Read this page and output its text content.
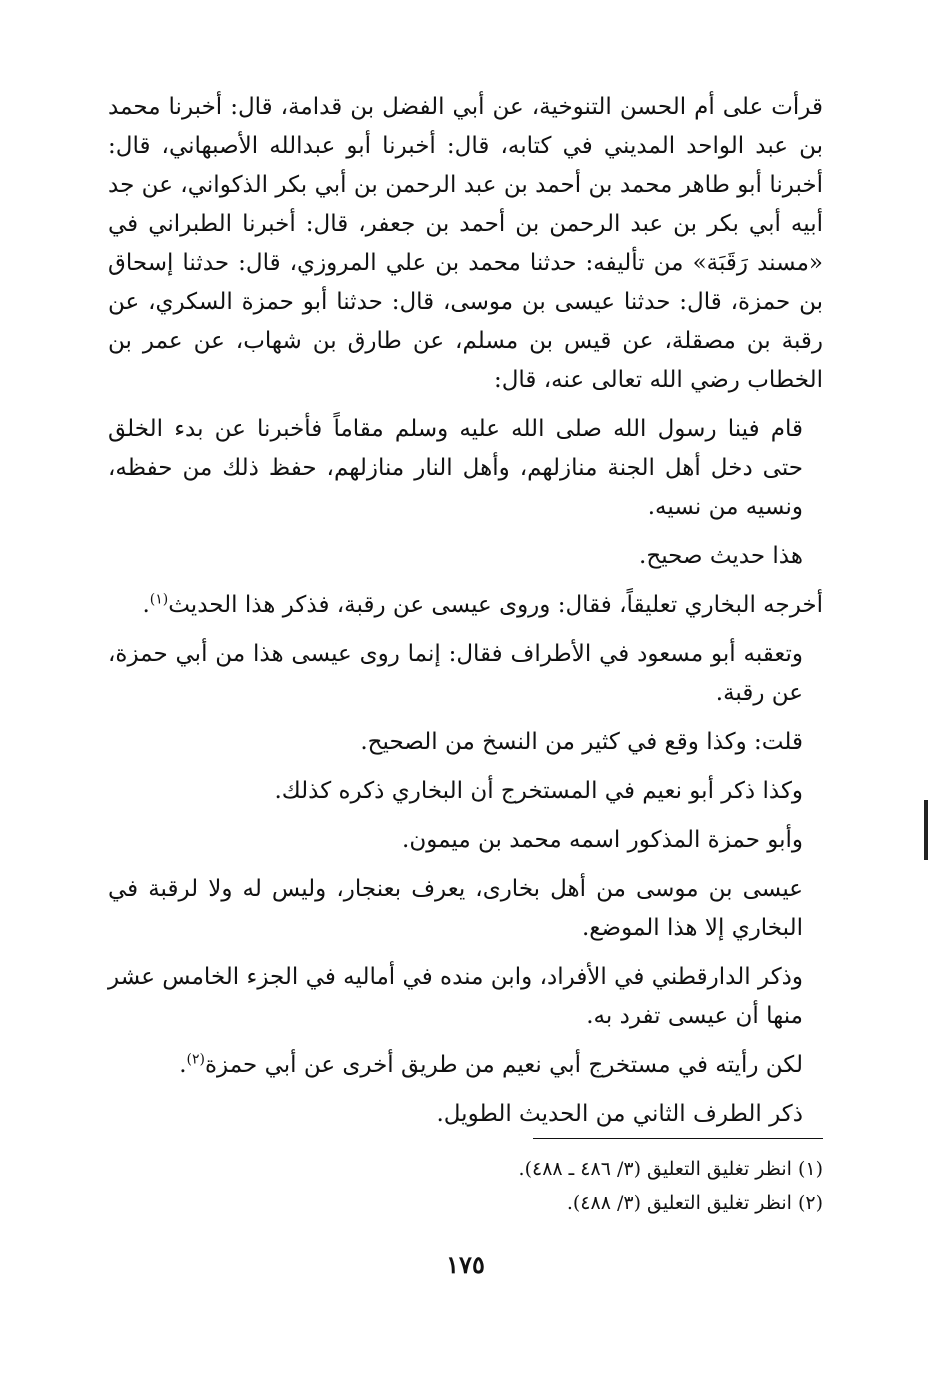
قرأت على أم الحسن التنوخية، عن أبي الفضل بن قدامة، قال: أخبرنا محمد بن عبد الواحد المديني في كتابه، قال: أخبرنا أبو عبدالله الأصبهاني، قال: أخبرنا أبو طاهر محمد بن أحمد بن عبد الرحمن بن أبي بكر الذكواني، عن جد أبيه أبي بكر بن عبد الرحمن بن أحمد بن جعفر، قال: أخبرنا الطبراني في «مسند رَقَبَة» من تأليفه: حدثنا محمد بن علي المروزي، قال: حدثنا إسحاق بن حمزة، قال: حدثنا عيسى بن موسى، قال: حدثنا أبو حمزة السكري، عن رقبة بن مصقلة، عن قيس بن مسلم، عن طارق بن شهاب، عن عمر بن الخطاب رضي الله تعالى عنه، قال:

قام فينا رسول الله صلى الله عليه وسلم مقاماً فأخبرنا عن بدء الخلق حتى دخل أهل الجنة منازلهم، وأهل النار منازلهم، حفظ ذلك من حفظه، ونسيه من نسيه.

هذا حديث صحيح.

أخرجه البخاري تعليقاً، فقال: وروى عيسى عن رقبة، فذكر هذا الحديث$^{(١)}$.

وتعقبه أبو مسعود في الأطراف فقال: إنما روى عيسى هذا من أبي حمزة، عن رقبة.

قلت: وكذا وقع في كثير من النسخ من الصحيح.

وكذا ذكر أبو نعيم في المستخرج أن البخاري ذكره كذلك.

وأبو حمزة المذكور اسمه محمد بن ميمون.

عيسى بن موسى من أهل بخارى، يعرف بعنجار، وليس له ولا لرقبة في البخاري إلا هذا الموضع.

وذكر الدارقطني في الأفراد، وابن منده في أماليه في الجزء الخامس عشر منها أن عيسى تفرد به.

لكن رأيته في مستخرج أبي نعيم من طريق أخرى عن أبي حمزة$^{(٢)}$.

ذكر الطرف الثاني من الحديث الطويل.

(١) انظر تغليق التعليق (٣/ ٤٨٦ ـ ٤٨٨).
(٢) انظر تغليق التعليق (٣/ ٤٨٨).
١٧٥
